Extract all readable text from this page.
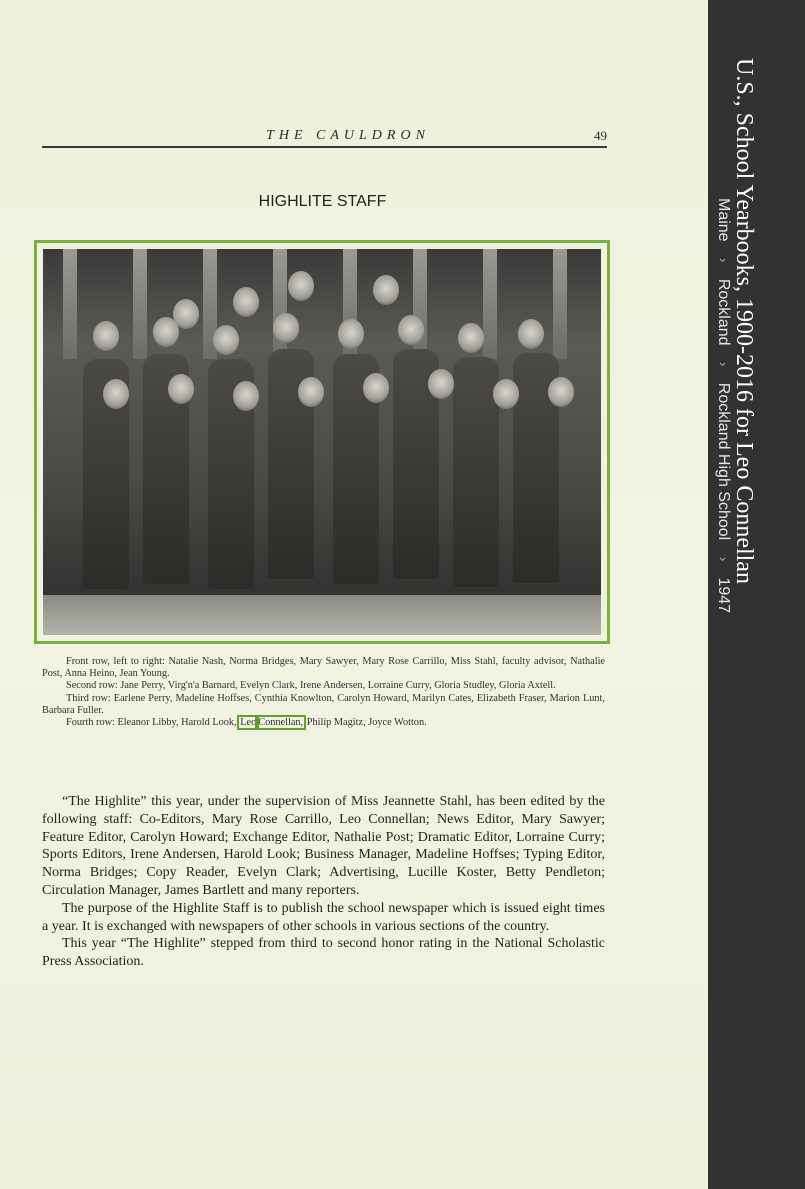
THE CAULDRON	49
HIGHLITE STAFF

Front row, left to right: Natalie Nash, Norma Bridges, Mary Sawyer, Mary Rose Carrillo, Miss Stahl, faculty advisor, Nathalie Post, Anna Heino, Jean Young.

Second row: Jane Perry, Virg'n'a Barnard, Evelyn Clark, Irene Andersen, Lorraine Curry, Gloria Studley, Gloria Axtell.

Third row: Earlene Perry, Madeline Hoffses, Cynthia Knowlton, Carolyn Howard, Marilyn Cates, Elizabeth Fraser, Marion Lunt, Barbara Fuller.

Fourth row: Eleanor Libby, Harold Look, Leo Connellan, Philip Magitz, Joyce Wotton.

“The Highlite” this year, under the supervision of Miss Jeannette Stahl, has been edited by the following staff: Co-Editors, Mary Rose Carrillo, Leo Connellan; News Editor, Mary Sawyer; Feature Editor, Carolyn Howard; Exchange Editor, Nathalie Post; Dramatic Editor, Lorraine Curry; Sports Editors, Irene Andersen, Harold Look; Business Manager, Madeline Hoffses; Typing Editor, Norma Bridges; Copy Reader, Evelyn Clark; Advertising, Lucille Koster, Betty Pendleton; Circulation Manager, James Bartlett and many reporters.

The purpose of the Highlite Staff is to publish the school newspaper which is issued eight times a year. It is exchanged with newspapers of other schools in various sections of the country.

This year “The Highlite” stepped from third to second honor rating in the National Scholastic Press Association.

U.S., School Yearbooks, 1900-2016 for Leo Connellan
Maine › Rockland › Rockland High School › 1947
